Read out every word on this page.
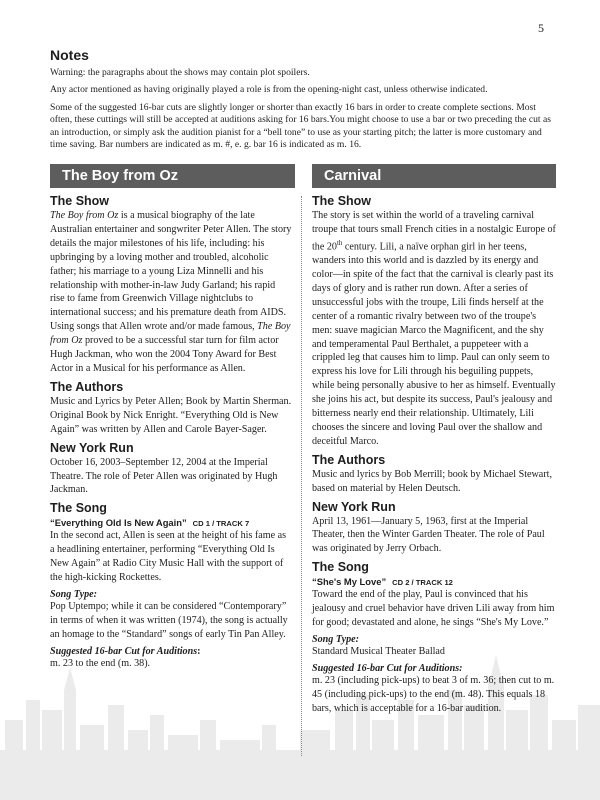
5
Notes

Warning: the paragraphs about the shows may contain plot spoilers.

Any actor mentioned as having originally played a role is from the opening-night cast, unless otherwise indicated.

Some of the suggested 16-bar cuts are slightly longer or shorter than exactly 16 bars in order to create complete sections. Most often, these cuttings will still be accepted at auditions asking for 16 bars.You might choose to use a bar or two preceding the cut as an introduction, or simply ask the audition pianist for a “bell tone” to use as your starting pitch; the latter is more customary and time saving. Bar numbers are indicated as m. #, e. g. bar 16 is indicated as m. 16.

The Boy from Oz	Carnival
The Show

The Boy from Oz is a musical biography of the late Australian entertainer and songwriter Peter Allen. The story details the major milestones of his life, including: his upbringing by a loving mother and troubled, alcoholic father; his marriage to a young Liza Minnelli and his relationship with mother-in-law Judy Garland; his rapid rise to fame from Greenwich Village nightclubs to international success; and his premature death from AIDS. Using songs that Allen wrote and/or made famous, The Boy from Oz proved to be a successful star turn for film actor Hugh Jackman, who won the 2004 Tony Award for Best Actor in a Musical for his performance as Allen.

The Authors

Music and Lyrics by Peter Allen; Book by Martin Sherman. Original Book by Nick Enright. “Everything Old is New Again” was written by Allen and Carole Bayer-Sager.

New York Run

October 16, 2003–September 12, 2004 at the Imperial Theatre. The role of Peter Allen was originated by Hugh Jackman.

The Song
“Everything Old Is New Again” CD 1 / TRACK 7

In the second act, Allen is seen at the height of his fame as a headlining entertainer, performing “Everything Old Is New Again” at Radio City Music Hall with the support of the high-kicking Rockettes.

Song Type:

Pop Uptempo; while it can be considered “Contemporary” in terms of when it was written (1974), the song is actually an homage to the “Standard” songs of early Tin Pan Alley.

Suggested 16-bar Cut for Auditions:

m. 23 to the end (m. 38).

The Show

The story is set within the world of a traveling carnival troupe that tours small French cities in a nostalgic Europe of the 20th century. Lili, a naïve orphan girl in her teens, wanders into this world and is dazzled by its energy and color—in spite of the fact that the carnival is clearly past its days of glory and is rather run down. After a series of unsuccessful jobs with the troupe, Lili finds herself at the center of a romantic rivalry between two of the troupe's men: suave magician Marco the Magnificent, and the shy and temperamental Paul Berthalet, a puppeteer with a crippled leg that causes him to limp. Paul can only seem to express his love for Lili through his beguiling puppets, while being personally abusive to her as himself. Eventually she joins his act, but despite its success, Paul's jealousy and bitterness nearly end their relationship. Ultimately, Lili chooses the sincere and loving Paul over the shallow and deceitful Marco.

The Authors

Music and lyrics by Bob Merrill; book by Michael Stewart, based on material by Helen Deutsch.

New York Run

April 13, 1961—January 5, 1963, first at the Imperial Theater, then the Winter Garden Theater. The role of Paul was originated by Jerry Orbach.

The Song
“She's My Love” CD 2 / TRACK 12

Toward the end of the play, Paul is convinced that his jealousy and cruel behavior have driven Lili away from him for good; devastated and alone, he sings “She's My Love.”

Song Type:

Standard Musical Theater Ballad

Suggested 16-bar Cut for Auditions:

m. 23 (including pick-ups) to beat 3 of m. 36; then cut to m. 45 (including pick-ups) to the end (m. 48). This equals 18 bars, which is acceptable for a 16-bar audition.
